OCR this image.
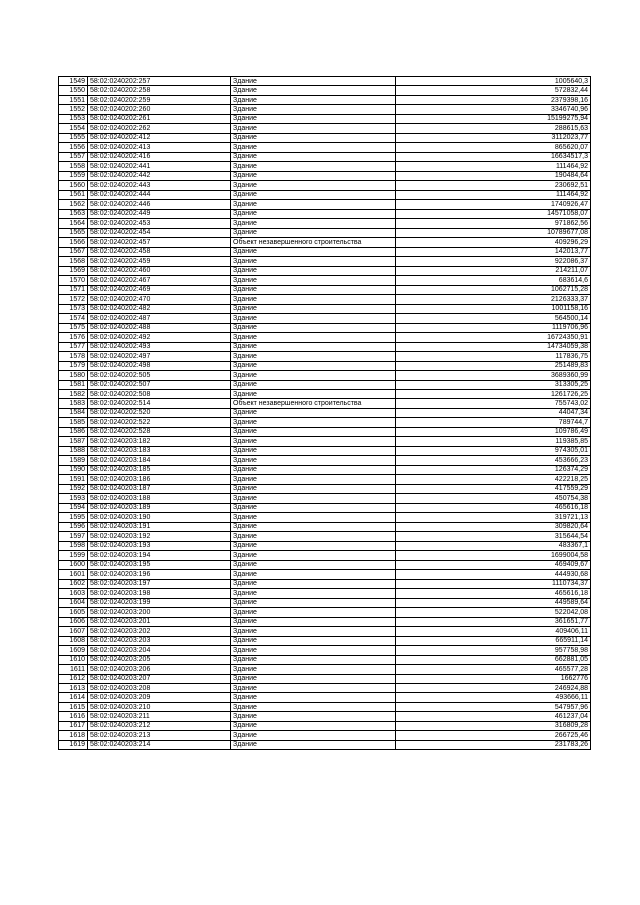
1549	58:02:0240202:257	Здание	1005640,3
1550	58:02:0240202:258	Здание	572832,44
1551	58:02:0240202:259	Здание	2379398,16
1552	58:02:0240202:260	Здание	3346740,96
1553	58:02:0240202:261	Здание	15199275,94
1554	58:02:0240202:262	Здание	288615,63
1555	58:02:0240202:412	Здание	3112023,77
1556	58:02:0240202:413	Здание	865620,07
1557	58:02:0240202:416	Здание	16634517,3
1558	58:02:0240202:441	Здание	111464,92
1559	58:02:0240202:442	Здание	190484,64
1560	58:02:0240202:443	Здание	230692,51
1561	58:02:0240202:444	Здание	111464,92
1562	58:02:0240202:446	Здание	1740926,47
1563	58:02:0240202:449	Здание	14571058,07
1564	58:02:0240202:453	Здание	971862,56
1565	58:02:0240202:454	Здание	10789677,08
1566	58:02:0240202:457	Объект незавершенного строительства	409296,29
1567	58:02:0240202:458	Здание	142013,77
1568	58:02:0240202:459	Здание	922086,37
1569	58:02:0240202:460	Здание	214211,07
1570	58:02:0240202:467	Здание	683614,6
1571	58:02:0240202:469	Здание	1062715,28
1572	58:02:0240202:470	Здание	2126333,37
1573	58:02:0240202:482	Здание	1001158,16
1574	58:02:0240202:487	Здание	564500,14
1575	58:02:0240202:488	Здание	1119706,96
1576	58:02:0240202:492	Здание	16724350,91
1577	58:02:0240202:493	Здание	14734059,38
1578	58:02:0240202:497	Здание	117836,75
1579	58:02:0240202:498	Здание	251489,83
1580	58:02:0240202:505	Здание	3689360,99
1581	58:02:0240202:507	Здание	313305,25
1582	58:02:0240202:508	Здание	1261726,25
1583	58:02:0240202:514	Объект незавершенного строительства	755743,02
1584	58:02:0240202:520	Здание	44047,34
1585	58:02:0240202:522	Здание	789744,7
1586	58:02:0240202:528	Здание	109786,49
1587	58:02:0240203:182	Здание	119385,85
1588	58:02:0240203:183	Здание	974305,01
1589	58:02:0240203:184	Здание	453666,23
1590	58:02:0240203:185	Здание	126374,29
1591	58:02:0240203:186	Здание	422218,25
1592	58:02:0240203:187	Здание	417559,29
1593	58:02:0240203:188	Здание	450754,38
1594	58:02:0240203:189	Здание	465616,18
1595	58:02:0240203:190	Здание	319721,13
1596	58:02:0240203:191	Здание	309820,64
1597	58:02:0240203:192	Здание	315644,54
1598	58:02:0240203:193	Здание	483367,1
1599	58:02:0240203:194	Здание	1699004,58
1600	58:02:0240203:195	Здание	469409,67
1601	58:02:0240203:196	Здание	444930,68
1602	58:02:0240203:197	Здание	1110734,37
1603	58:02:0240203:198	Здание	465616,18
1604	58:02:0240203:199	Здание	449589,64
1605	58:02:0240203:200	Здание	522042,08
1606	58:02:0240203:201	Здание	361651,77
1607	58:02:0240203:202	Здание	409406,11
1608	58:02:0240203:203	Здание	665911,14
1609	58:02:0240203:204	Здание	957758,98
1610	58:02:0240203:205	Здание	662881,05
1611	58:02:0240203:206	Здание	465577,28
1612	58:02:0240203:207	Здание	1662776
1613	58:02:0240203:208	Здание	246924,88
1614	58:02:0240203:209	Здание	493666,11
1615	58:02:0240203:210	Здание	547957,96
1616	58:02:0240203:211	Здание	461237,04
1617	58:02:0240203:212	Здание	316809,28
1618	58:02:0240203:213	Здание	266725,46
1619	58:02:0240203:214	Здание	231783,26
